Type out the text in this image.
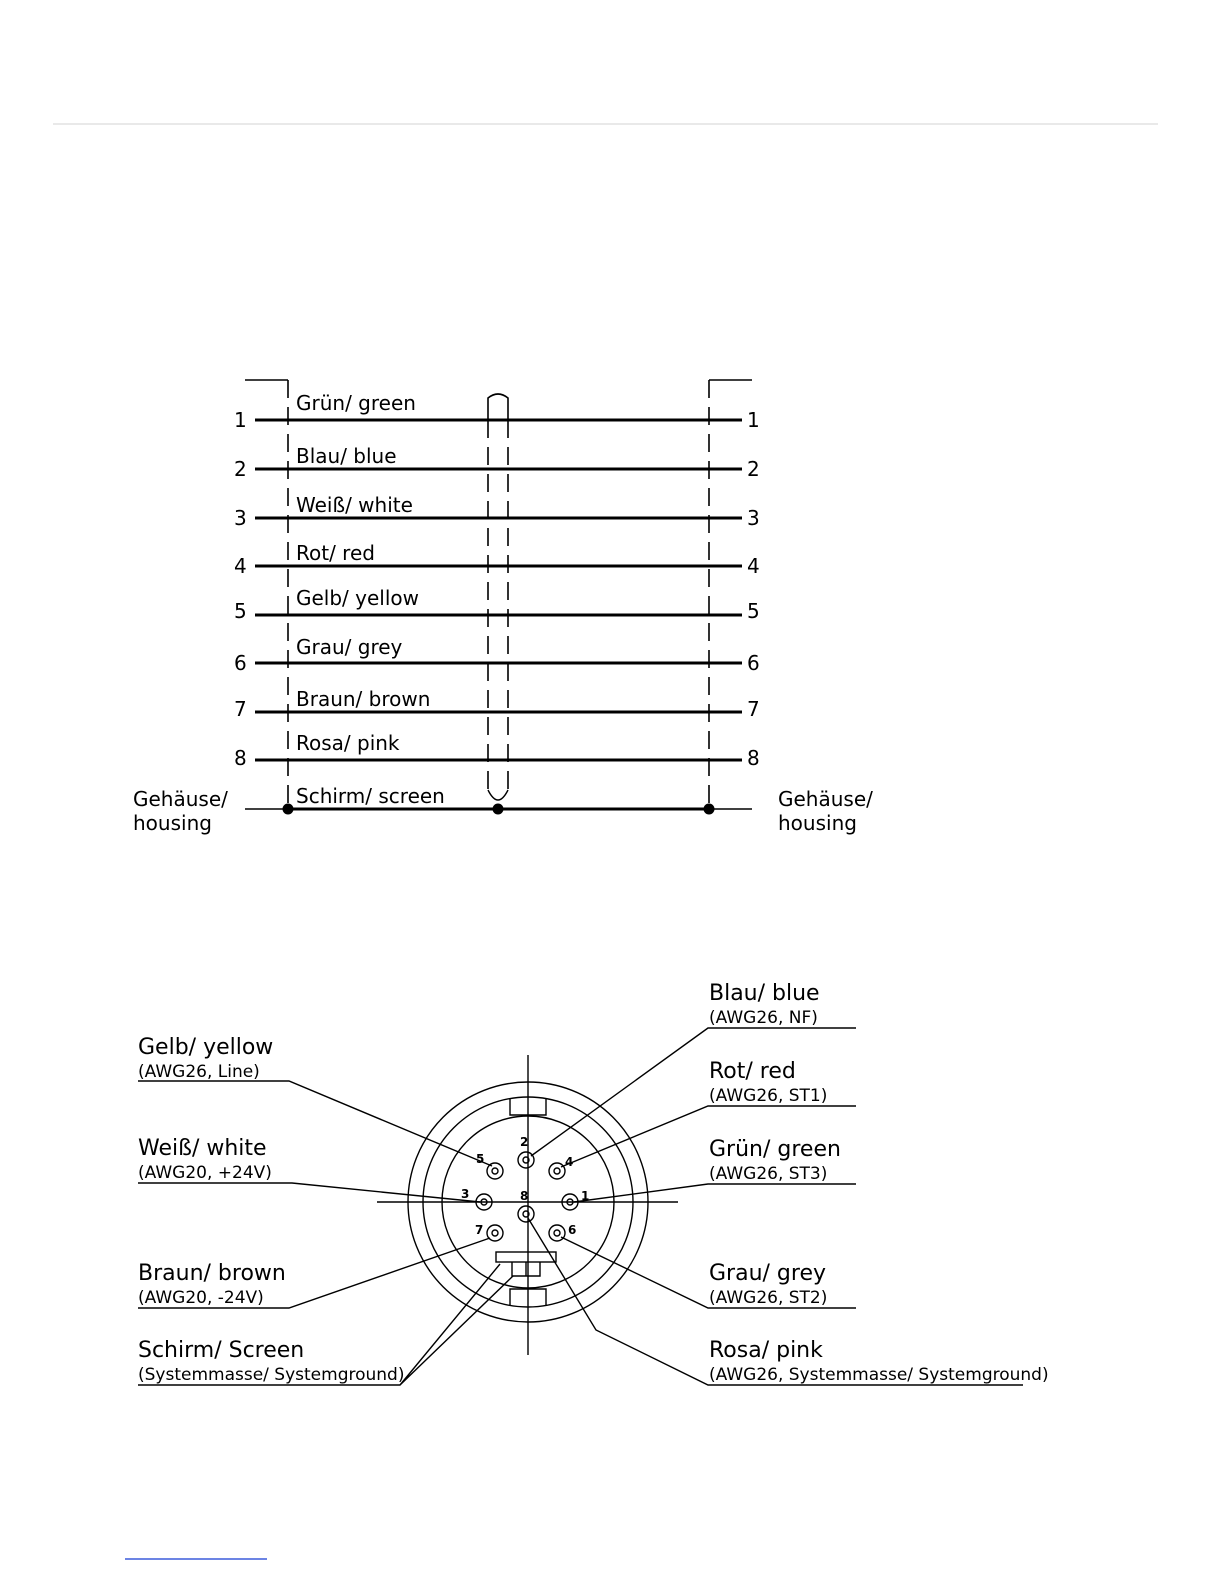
1	1
Grün/ green
2	2
Blau/ blue
3	3
Weiß/ white
4	4
Rot/ red
5	5
Gelb/ yellow
6	6
Grau/ grey
7	7
Braun/ brown
8	8
Rosa/ pink
Schirm/ screen
Gehäuse/
housing
Gehäuse/
housing
1
2
3
4
5
6
7
8
Gelb/ yellow
(AWG26, Line)
Weiß/ white
(AWG20, +24V)
Braun/ brown
(AWG20, -24V)
Schirm/ Screen
(Systemmasse/ Systemground)
Blau/ blue
(AWG26, NF)
Rot/ red
(AWG26, ST1)
Grün/ green
(AWG26, ST3)
Grau/ grey
(AWG26, ST2)
Rosa/ pink
(AWG26, Systemmasse/ Systemground)
